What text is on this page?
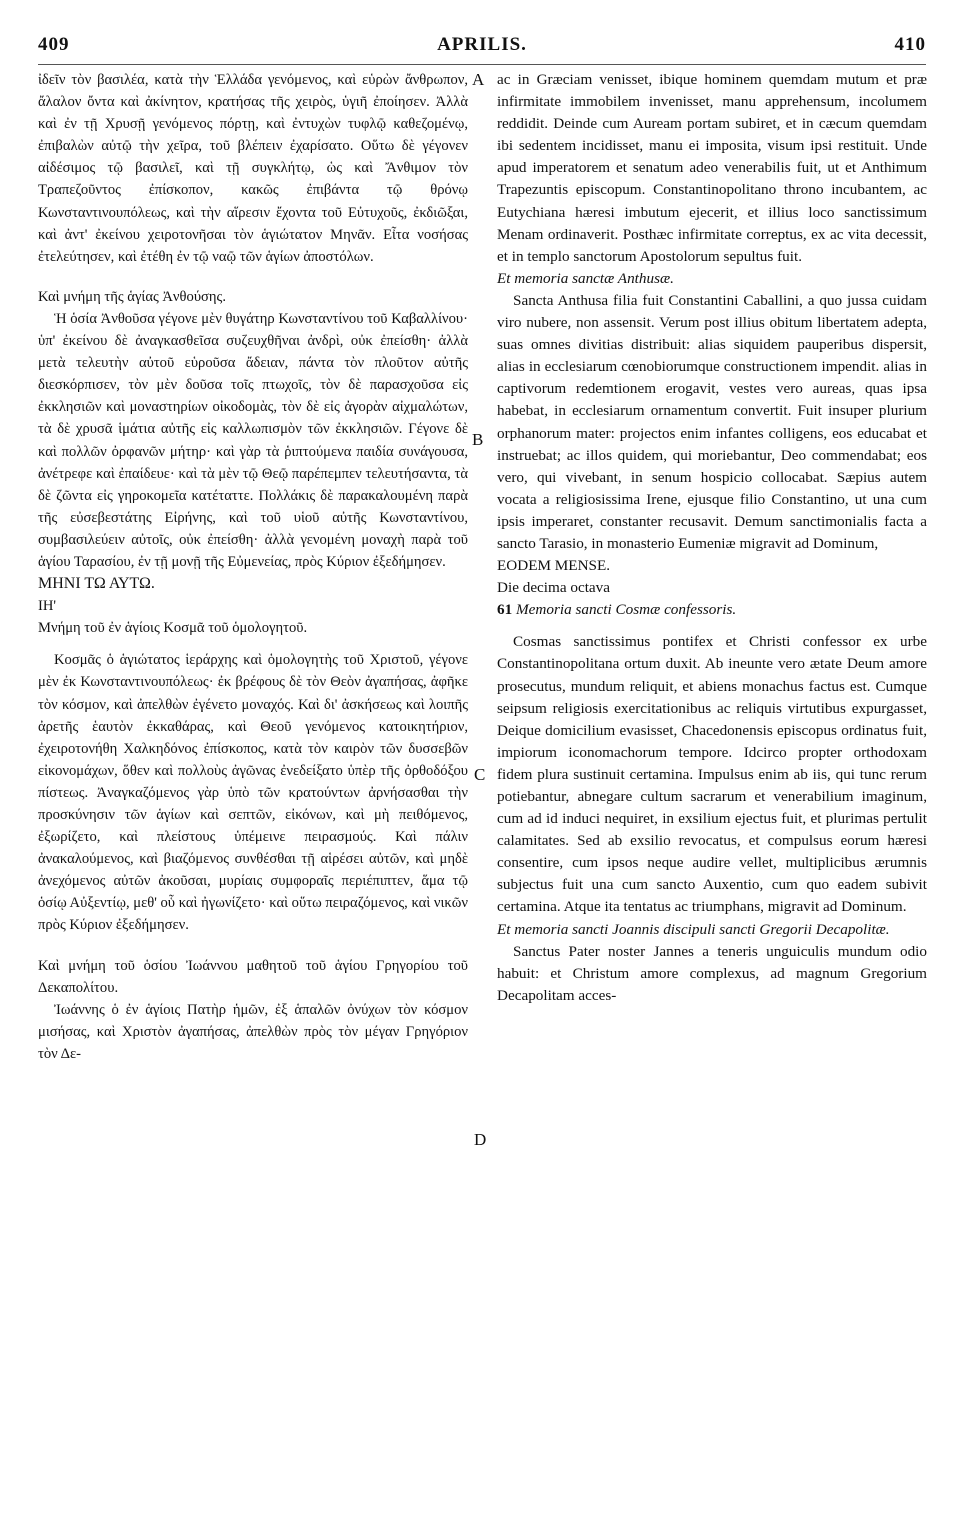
409	APRILIS.	410

ἰδεῖν τὸν βασιλέα, κατὰ τὴν Ἑλλάδα γενόμενος, καὶ εὑρὼν ἄνθρωπον, ἄλαλον ὄντα καὶ ἀκίνητον, κρατήσας τῆς χειρὸς, ὑγιῆ ἐποίησεν. Ἀλλὰ καὶ ἐν τῇ Χρυσῇ γενόμενος πόρτῃ, καὶ ἐντυχὼν τυφλῷ καθεζομένῳ, ἐπιβαλὼν αὐτῷ τὴν χεῖρα, τοῦ βλέπειν ἐχαρίσατο. Οὕτω δὲ γέγονεν αἰδέσιμος τῷ βασιλεῖ, καὶ τῇ συγκλήτῳ, ὡς καὶ Ἄνθιμον τὸν Τραπεζοῦντος ἐπίσκοπον, κακῶς ἐπιβάντα τῷ θρόνῳ Κωνσταντινουπόλεως, καὶ τὴν αἵρεσιν ἔχοντα τοῦ Εὐτυχοῦς, ἐκδιῶξαι, καὶ ἀντ' ἐκείνου χειροτονῆσαι τὸν ἁγιώτατον Μηνᾶν. Εἶτα νοσήσας ἐτελεύτησεν, καὶ ἐτέθη ἐν τῷ ναῷ τῶν ἁγίων ἀποστόλων.

Καὶ μνήμη τῆς ἁγίας Ἀνθούσης.

Ἡ ὁσία Ἀνθοῦσα γέγονε μὲν θυγάτηρ Κωνσταντίνου τοῦ Καβαλλίνου· ὑπ' ἐκείνου δὲ ἀναγκασθεῖσα συζευχθῆναι ἀνδρὶ, οὐκ ἐπείσθη· ἀλλὰ μετὰ τελευτὴν αὐτοῦ εὑροῦσα ἄδειαν, πάντα τὸν πλοῦτον αὐτῆς διεσκόρπισεν, τὸν μὲν δοῦσα τοῖς πτωχοῖς, τὸν δὲ παρασχοῦσα εἰς ἐκκλησιῶν καὶ μοναστηρίων οἰκοδομὰς, τὸν δὲ εἰς ἀγορὰν αἰχμαλώτων, τὰ δὲ χρυσᾶ ἱμάτια αὐτῆς εἰς καλλωπισμὸν τῶν ἐκκλησιῶν. Γέγονε δὲ καὶ πολλῶν ὀρφανῶν μήτηρ· καὶ γὰρ τὰ ῥιπτούμενα παιδία συνάγουσα, ἀνέτρεφε καὶ ἐπαίδευε· καὶ τὰ μὲν τῷ Θεῷ παρέπεμπεν τελευτήσαντα, τὰ δὲ ζῶντα εἰς γηροκομεῖα κατέταττε. Πολλάκις δὲ παρακαλουμένη παρὰ τῆς εὐσεβεστάτης Εἰρήνης, καὶ τοῦ υἱοῦ αὐτῆς Κωνσταντίνου, συμβασιλεύειν αὐτοῖς, οὐκ ἐπείσθη· ἀλλὰ γενομένη μοναχὴ παρὰ τοῦ ἁγίου Ταρασίου, ἐν τῇ μονῇ τῆς Εὐμενείας, πρὸς Κύριον ἐξεδήμησεν.

ΜΗΝΙ ΤΩ ΑΥΤΩ.

ΙΗ'

Μνήμη τοῦ ἐν ἁγίοις Κοσμᾶ τοῦ ὁμολογητοῦ.

Κοσμᾶς ὁ ἁγιώτατος ἱεράρχης καὶ ὁμολογητὴς τοῦ Χριστοῦ, γέγονε μὲν ἐκ Κωνσταντινουπόλεως· ἐκ βρέφους δὲ τὸν Θεὸν ἀγαπήσας, ἀφῆκε τὸν κόσμον, καὶ ἀπελθὼν ἐγένετο μοναχός. Καὶ δι' ἀσκήσεως καὶ λοιπῆς ἀρετῆς ἑαυτὸν ἐκκαθάρας, καὶ Θεοῦ γενόμενος κατοικητήριον, ἐχειροτονήθη Χαλκηδόνος ἐπίσκοπος, κατὰ τὸν καιρὸν τῶν δυσσεβῶν εἰκονομάχων, ὅθεν καὶ πολλοὺς ἀγῶνας ἐνεδείξατο ὑπὲρ τῆς ὀρθοδόξου πίστεως. Ἀναγκαζόμενος γὰρ ὑπὸ τῶν κρατούντων ἀρνήσασθαι τὴν προσκύνησιν τῶν ἁγίων καὶ σεπτῶν, εἰκόνων, καὶ μὴ πειθόμενος, ἐξωρίζετο, καὶ πλείστους ὑπέμεινε πειρασμούς. Καὶ πάλιν ἀνακαλούμενος, καὶ βιαζόμενος συνθέσθαι τῇ αἱρέσει αὐτῶν, καὶ μηδὲ ἀνεχόμενος αὐτῶν ἀκοῦσαι, μυρίαις συμφοραῖς περιέπιπτεν, ἅμα τῷ ὁσίῳ Αὐξεντίῳ, μεθ' οὗ καὶ ἠγωνίζετο· καὶ οὕτω πειραζόμενος, καὶ νικῶν πρὸς Κύριον ἐξεδήμησεν.

Καὶ μνήμη τοῦ ὁσίου Ἰωάννου μαθητοῦ τοῦ ἁγίου Γρηγορίου τοῦ Δεκαπολίτου.

Ἰωάννης ὁ ἐν ἁγίοις Πατὴρ ἡμῶν, ἐξ ἁπαλῶν ὀνύχων τὸν κόσμον μισήσας, καὶ Χριστὸν ἀγαπήσας, ἀπελθὼν πρὸς τὸν μέγαν Γρηγόριον τὸν Δε-

A
B
C
D

ac in Græciam venisset, ibique hominem quemdam mutum et præ infirmitate immobilem invenisset, manu apprehensum, incolumem reddidit. Deinde cum Auream portam subiret, et in cæcum quemdam ibi sedentem incidisset, manu ei imposita, visum ipsi restituit. Unde apud imperatorem et senatum adeo venerabilis fuit, ut et Anthimum Trapezuntis episcopum. Constantinopolitano throno incubantem, ac Eutychiana hæresi imbutum ejecerit, et illius loco sanctissimum Menam ordinaverit. Posthæc infirmitate correptus, ex ac vita decessit, et in templo sanctorum Apostolorum sepultus fuit.

Et memoria sanctæ Anthusæ.

Sancta Anthusa filia fuit Constantini Caballini, a quo jussa cuidam viro nubere, non assensit. Verum post illius obitum libertatem adepta, suas omnes divitias distribuit: alias siquidem pauperibus dispersit, alias in ecclesiarum cœnobiorumque constructionem impendit. alias in captivorum redemtionem erogavit, vestes vero aureas, quas ipsa habebat, in ecclesiarum ornamentum convertit. Fuit insuper plurium orphanorum mater: projectos enim infantes colligens, eos educabat et instruebat; ac illos quidem, qui moriebantur, Deo commendabat; eos vero, qui vivebant, in senum hospicio collocabat. Sæpius autem vocata a religiosissima Irene, ejusque filio Constantino, ut una cum ipsis imperaret, constanter recusavit. Demum sanctimonialis facta a sancto Tarasio, in monasterio Eumeniæ migravit ad Dominum,

EODEM MENSE.

Die decima octava

61 Memoria sancti Cosmæ confessoris.

Cosmas sanctissimus pontifex et Christi confessor ex urbe Constantinopolitana ortum duxit. Ab ineunte vero ætate Deum amore prosecutus, mundum reliquit, et abiens monachus factus est. Cumque seipsum religiosis exercitationibus ac reliquis virtutibus expurgasset, Deique domicilium evasisset, Chacedonensis episcopus ordinatus fuit, impiorum iconomachorum tempore. Idcirco propter orthodoxam fidem plura sustinuit certamina. Impulsus enim ab iis, qui tunc rerum potiebantur, abnegare cultum sacrarum et venerabilium imaginum, cum ad id induci nequiret, in exsilium ejectus fuit, et plurimas pertulit calamitates. Sed ab exsilio revocatus, et compulsus eorum hæresi consentire, cum ipsos neque audire vellet, multiplicibus ærumnis subjectus fuit una cum sancto Auxentio, cum quo eadem subivit certamina. Atque ita tentatus ac triumphans, migravit ad Dominum.

Et memoria sancti Joannis discipuli sancti Gregorii Decapolitæ.

Sanctus Pater noster Jannes a teneris unguiculis mundum odio habuit: et Christum amore complexus, ad magnum Gregorium Decapolitam acces-
